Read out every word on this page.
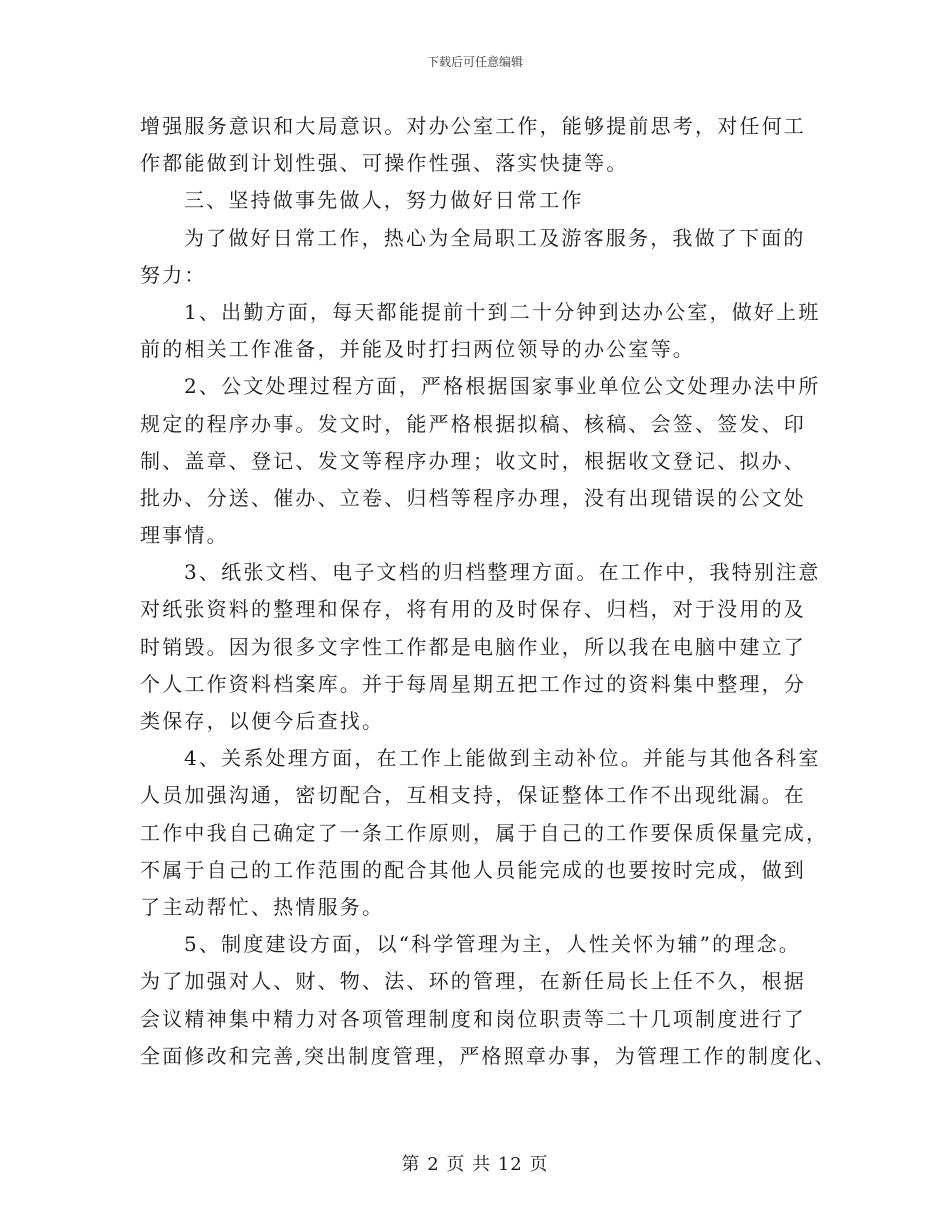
下载后可任意编辑
增强服务意识和大局意识。对办公室工作，能够提前思考，对任何工
作都能做到计划性强、可操作性强、落实快捷等。
三、坚持做事先做人，努力做好日常工作
为了做好日常工作，热心为全局职工及游客服务，我做了下面的
努力：
1、出勤方面，每天都能提前十到二十分钟到达办公室，做好上班
前的相关工作准备，并能及时打扫两位领导的办公室等。
2、公文处理过程方面，严格根据国家事业单位公文处理办法中所
规定的程序办事。发文时，能严格根据拟稿、核稿、会签、签发、印
制、盖章、登记、发文等程序办理；收文时，根据收文登记、拟办、
批办、分送、催办、立卷、归档等程序办理，没有出现错误的公文处
理事情。
3、纸张文档、电子文档的归档整理方面。在工作中，我特别注意
对纸张资料的整理和保存，将有用的及时保存、归档，对于没用的及
时销毁。因为很多文字性工作都是电脑作业，所以我在电脑中建立了
个人工作资料档案库。并于每周星期五把工作过的资料集中整理，分
类保存，以便今后查找。
4、关系处理方面，在工作上能做到主动补位。并能与其他各科室
人员加强沟通，密切配合，互相支持，保证整体工作不出现纰漏。在
工作中我自己确定了一条工作原则，属于自己的工作要保质保量完成，
不属于自己的工作范围的配合其他人员能完成的也要按时完成，做到
了主动帮忙、热情服务。
5、制度建设方面，以“科学管理为主，人性关怀为辅”的理念。
为了加强对人、财、物、法、环的管理，在新任局长上任不久，根据
会议精神集中精力对各项管理制度和岗位职责等二十几项制度进行了
全面修改和完善,突出制度管理，严格照章办事，为管理工作的制度化、
第 2 页 共 12 页
